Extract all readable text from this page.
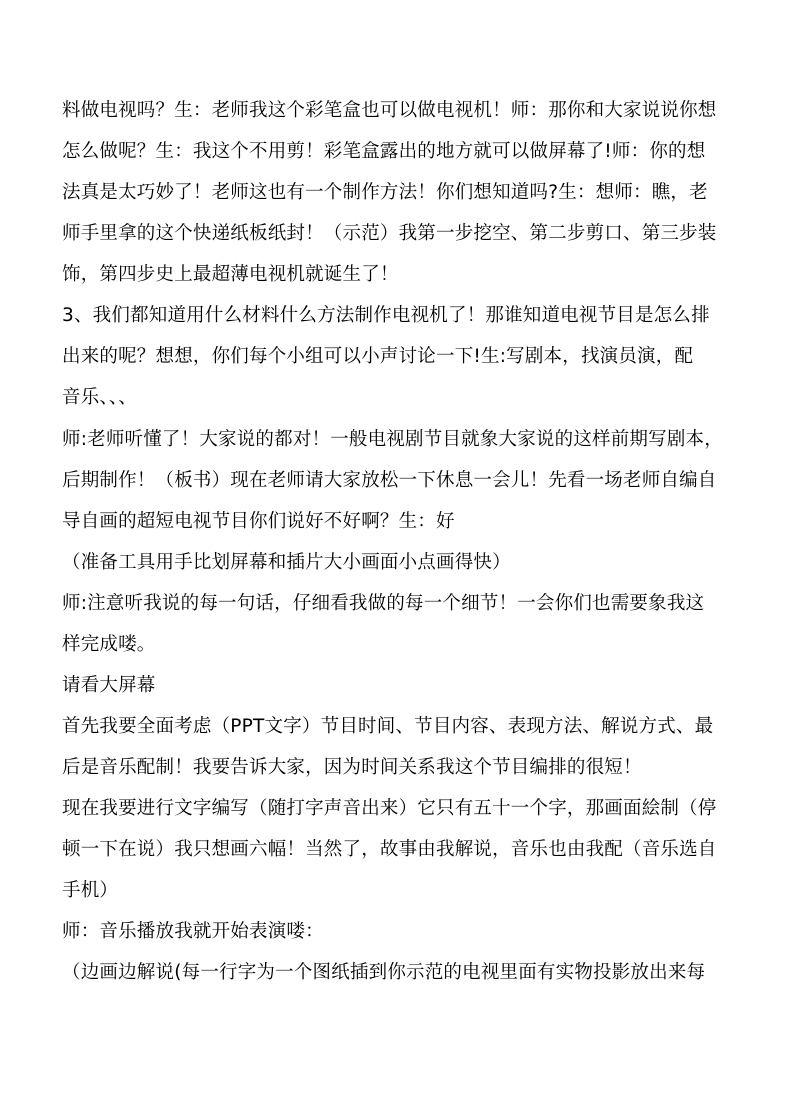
料做电视吗？生：老师我这个彩笔盒也可以做电视机！师：那你和大家说说你想
怎么做呢？生：我这个不用剪！彩笔盒露出的地方就可以做屏幕了!师：你的想
法真是太巧妙了！老师这也有一个制作方法！你们想知道吗?生：想师：瞧，老
师手里拿的这个快递纸板纸封！（示范）我第一步挖空、第二步剪口、第三步装
饰，第四步史上最超薄电视机就诞生了！
3、我们都知道用什么材料什么方法制作电视机了！那谁知道电视节目是怎么排
出来的呢？想想，你们每个小组可以小声讨论一下!生:写剧本，找演员演，配
音乐、、、
师:老师听懂了！大家说的都对！一般电视剧节目就象大家说的这样前期写剧本，
后期制作！（板书）现在老师请大家放松一下休息一会儿！先看一场老师自编自
导自画的超短电视节目你们说好不好啊？生：好
（准备工具用手比划屏幕和插片大小画面小点画得快）
师:注意听我说的每一句话，仔细看我做的每一个细节！一会你们也需要象我这
样完成喽。
请看大屏幕
首先我要全面考虑（PPT文字）节目时间、节目内容、表现方法、解说方式、最
后是音乐配制！我要告诉大家，因为时间关系我这个节目编排的很短！
现在我要进行文字编写（随打字声音出来）它只有五十一个字，那画面絵制（停
顿一下在说）我只想画六幅！当然了，故事由我解说，音乐也由我配（音乐选自
手机）
师：音乐播放我就开始表演喽：
（边画边解说(每一行字为一个图纸插到你示范的电视里面有实物投影放出来每
